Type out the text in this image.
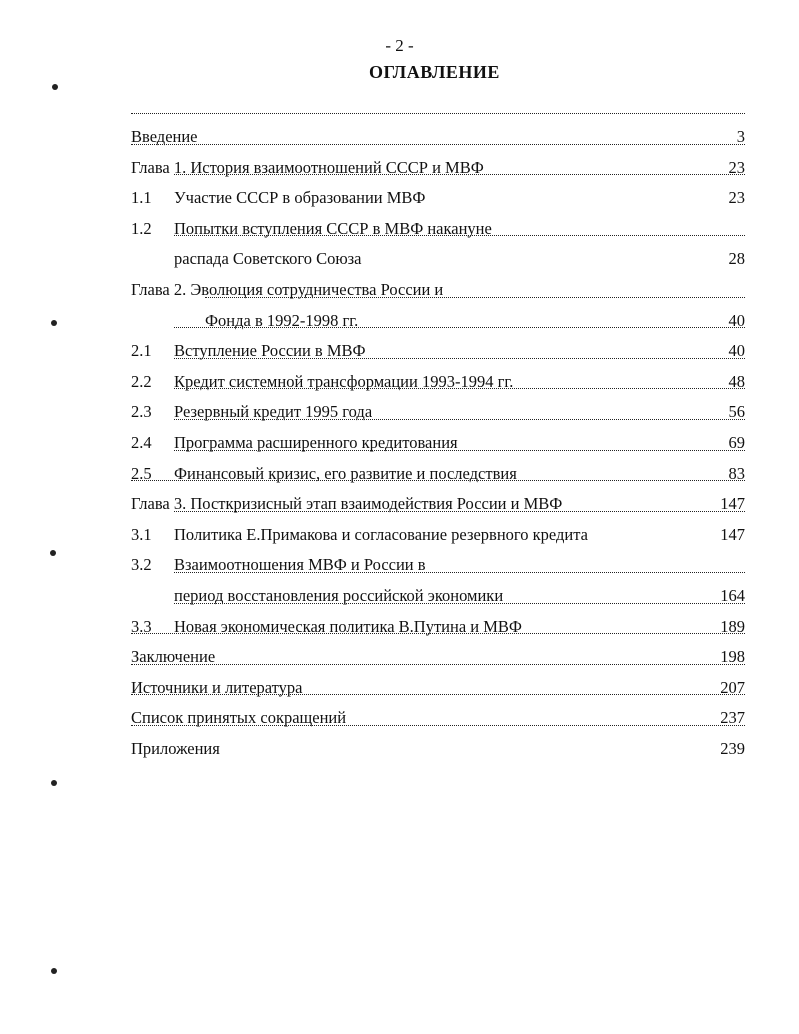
- 2 -
ОГЛАВЛЕНИЕ
Введение	3
Глава 1. История взаимоотношений СССР и МВФ	23
1.1 Участие СССР в образовании МВФ	23
1.2 Попытки вступления СССР в МВФ накануне
распада Советского Союза	28
Глава 2. Эволюция сотрудничества России и
Фонда в 1992-1998 гг.	40
2.1 Вступление России в МВФ	40
2.2 Кредит системной трансформации 1993-1994 гг.	48
2.3 Резервный кредит 1995 года	56
2.4 Программа расширенного кредитования	69
2.5 Финансовый кризис, его развитие и последствия	83
Глава 3. Посткризисный этап взаимодействия России и МВФ	147
3.1 Политика Е.Примакова и согласование резервного кредита	147
3.2 Взаимоотношения МВФ и России в
период восстановления российской экономики	164
3.3 Новая экономическая политика В.Путина и МВФ	189
Заключение	198
Источники и литература	207
Список принятых сокращений	237
Приложения	239
